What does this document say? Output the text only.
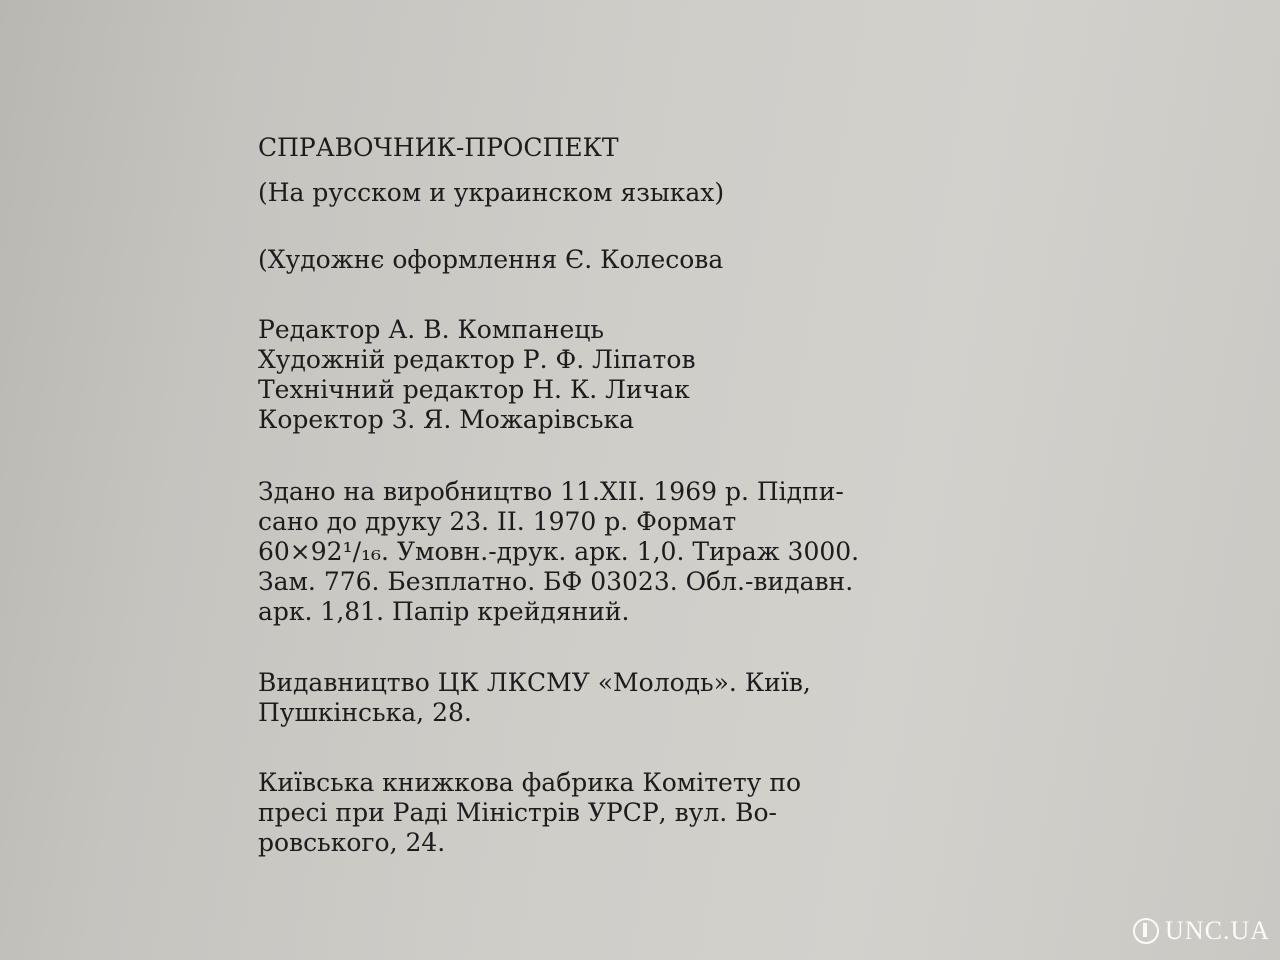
СПРАВОЧНИК-ПРОСПЕКТ
(На русском и украинском языках)
(Художнє оформлення Є. Колесова
Редактор А. В. Компанець
Художній редактор Р. Ф. Ліпатов
Технічний редактор Н. К. Личак
Коректор З. Я. Можарівська
Здано на виробництво 11.XII. 1969 р. Підпи-
сано до друку 23. II. 1970 р. Формат
60×92¹/₁₆. Умовн.-друк. арк. 1,0. Тираж 3000.
Зам. 776. Безплатно. БФ 03023. Обл.-видавн.
арк. 1,81. Папір крейдяний.
Видавництво ЦК ЛКСМУ «Молодь». Київ,
Пушкінська, 28.
Київська книжкова фабрика Комітету по
пресі при Раді Міністрів УРСР, вул. Во-
ровського, 24.
UNC.UA
